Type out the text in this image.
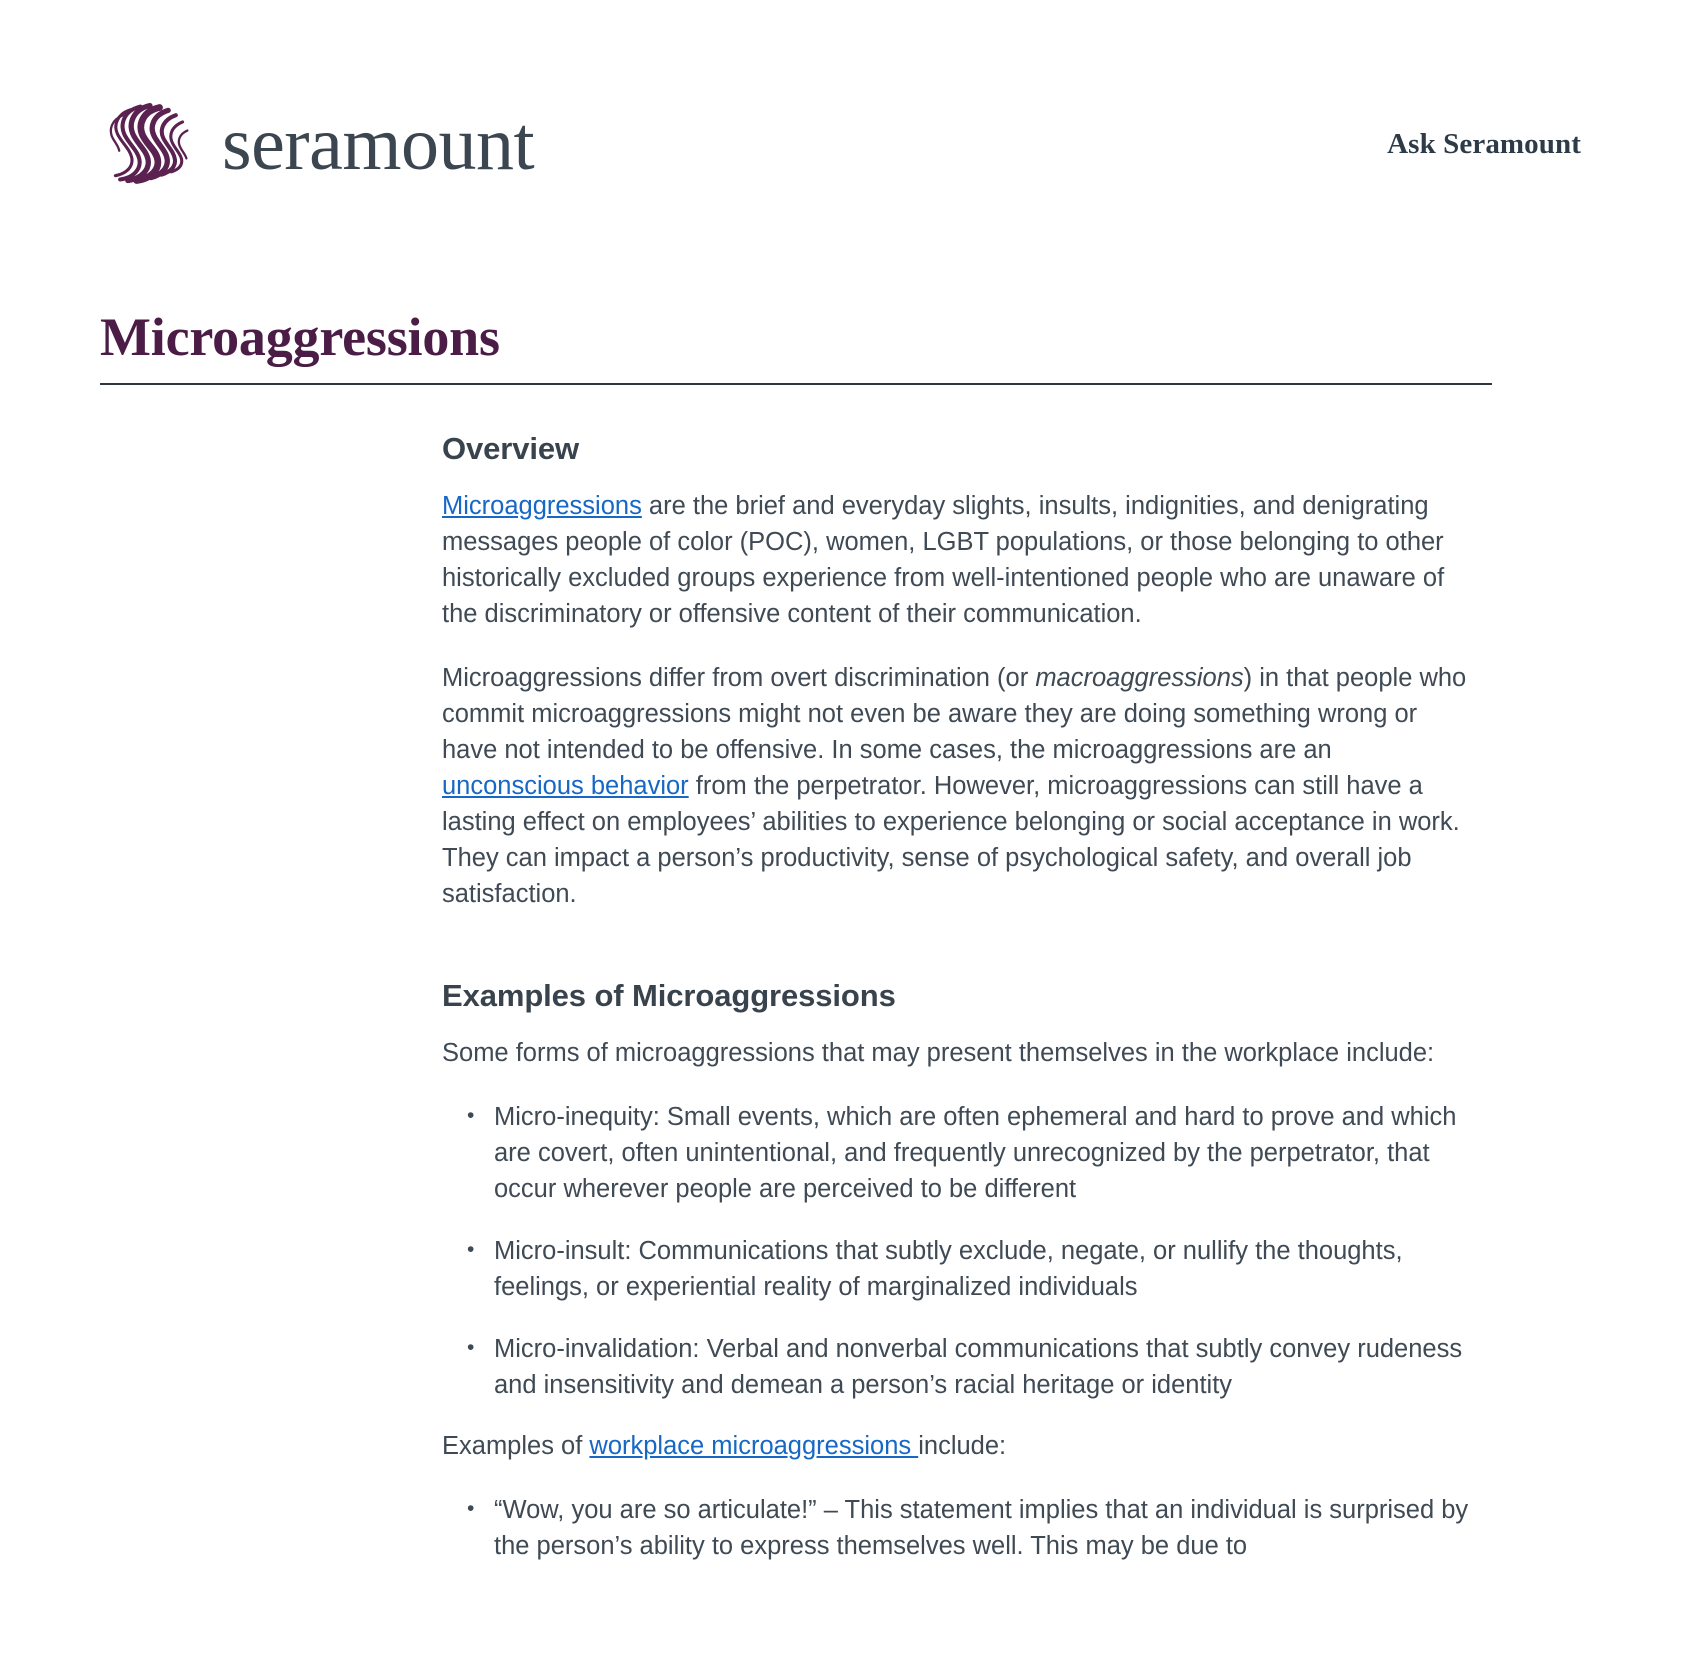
seramount	Ask Seramount
Microaggressions
Overview

Microaggressions are the brief and everyday slights, insults, indignities, and denigrating messages people of color (POC), women, LGBT populations, or those belonging to other historically excluded groups experience from well-intentioned people who are unaware of the discriminatory or offensive content of their communication.

Microaggressions differ from overt discrimination (or macroaggressions) in that people who commit microaggressions might not even be aware they are doing something wrong or have not intended to be offensive. In some cases, the microaggressions are an unconscious behavior from the perpetrator. However, microaggressions can still have a lasting effect on employees’ abilities to experience belonging or social acceptance in work. They can impact a person’s productivity, sense of psychological safety, and overall job satisfaction.

Examples of Microaggressions

Some forms of microaggressions that may present themselves in the workplace include:

• Micro-inequity: Small events, which are often ephemeral and hard to prove and which are covert, often unintentional, and frequently unrecognized by the perpetrator, that occur wherever people are perceived to be different
• Micro-insult: Communications that subtly exclude, negate, or nullify the thoughts, feelings, or experiential reality of marginalized individuals
• Micro-invalidation: Verbal and nonverbal communications that subtly convey rudeness and insensitivity and demean a person’s racial heritage or identity

Examples of workplace microaggressions include:

• “Wow, you are so articulate!” – This statement implies that an individual is surprised by the person’s ability to express themselves well. This may be due to
